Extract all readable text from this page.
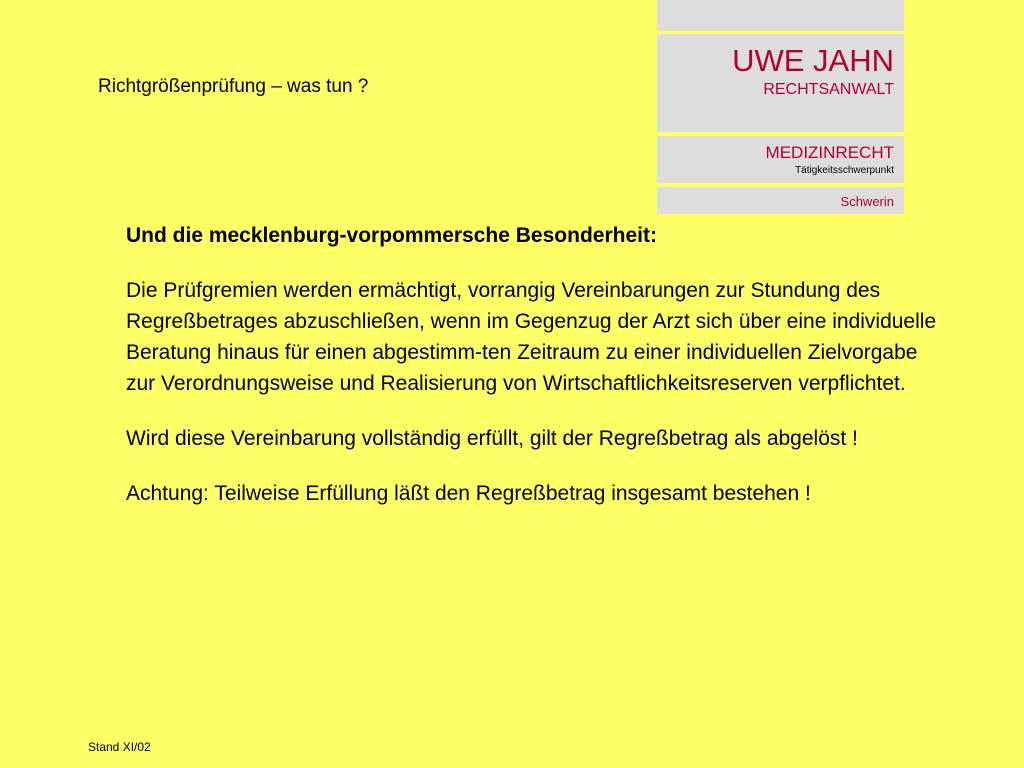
Richtgrößenprüfung – was tun ?
UWE JAHN
RECHTSANWALT
MEDIZINRECHT
Tätigkeitsschwerpunkt
Schwerin

Und die mecklenburg-vorpommersche Besonderheit:

Die Prüfgremien werden ermächtigt, vorrangig Vereinbarungen zur Stundung des Regreßbetrages abzuschließen, wenn im Gegenzug der Arzt sich über eine individuelle Beratung hinaus für einen abgestimm-ten Zeitraum zu einer individuellen Zielvorgabe zur Verordnungsweise und Realisierung von Wirtschaftlichkeitsreserven verpflichtet.

Wird diese Vereinbarung vollständig erfüllt, gilt der Regreßbetrag als abgelöst !

Achtung: Teilweise Erfüllung läßt den Regreßbetrag insgesamt bestehen !

Stand XI/02
